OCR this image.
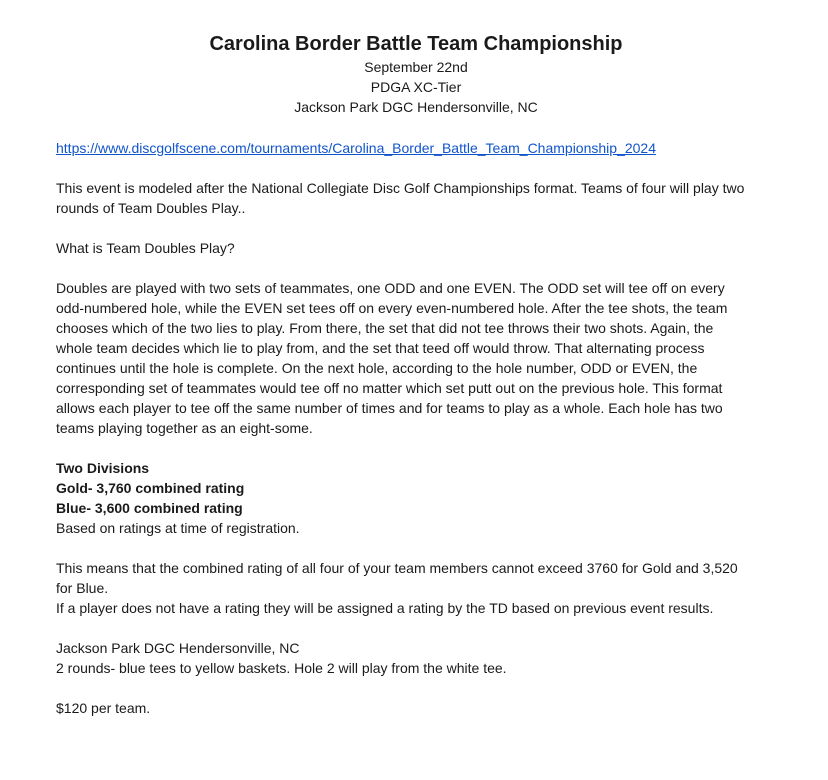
Carolina Border Battle Team Championship

September 22nd

PDGA XC-Tier

Jackson Park DGC Hendersonville, NC

https://www.discgolfscene.com/tournaments/Carolina_Border_Battle_Team_Championship_2024

This event is modeled after the National Collegiate Disc Golf Championships format. Teams of four will play two

rounds of Team Doubles Play..

What is Team Doubles Play?

Doubles are played with two sets of teammates, one ODD and one EVEN. The ODD set will tee off on every

odd-numbered hole, while the EVEN set tees off on every even-numbered hole. After the tee shots, the team

chooses which of the two lies to play. From there, the set that did not tee throws their two shots. Again, the

whole team decides which lie to play from, and the set that teed off would throw. That alternating process

continues until the hole is complete. On the next hole, according to the hole number, ODD or EVEN, the

corresponding set of teammates would tee off no matter which set putt out on the previous hole. This format

allows each player to tee off the same number of times and for teams to play as a whole. Each hole has two

teams playing together as an eight-some.

Two Divisions

Gold- 3,760 combined rating

Blue- 3,600 combined rating

Based on ratings at time of registration.

This means that the combined rating of all four of your team members cannot exceed 3760 for Gold and 3,520

for Blue.

If a player does not have a rating they will be assigned a rating by the TD based on previous event results.

Jackson Park DGC Hendersonville, NC

2 rounds- blue tees to yellow baskets. Hole 2 will play from the white tee.

$120 per team.
